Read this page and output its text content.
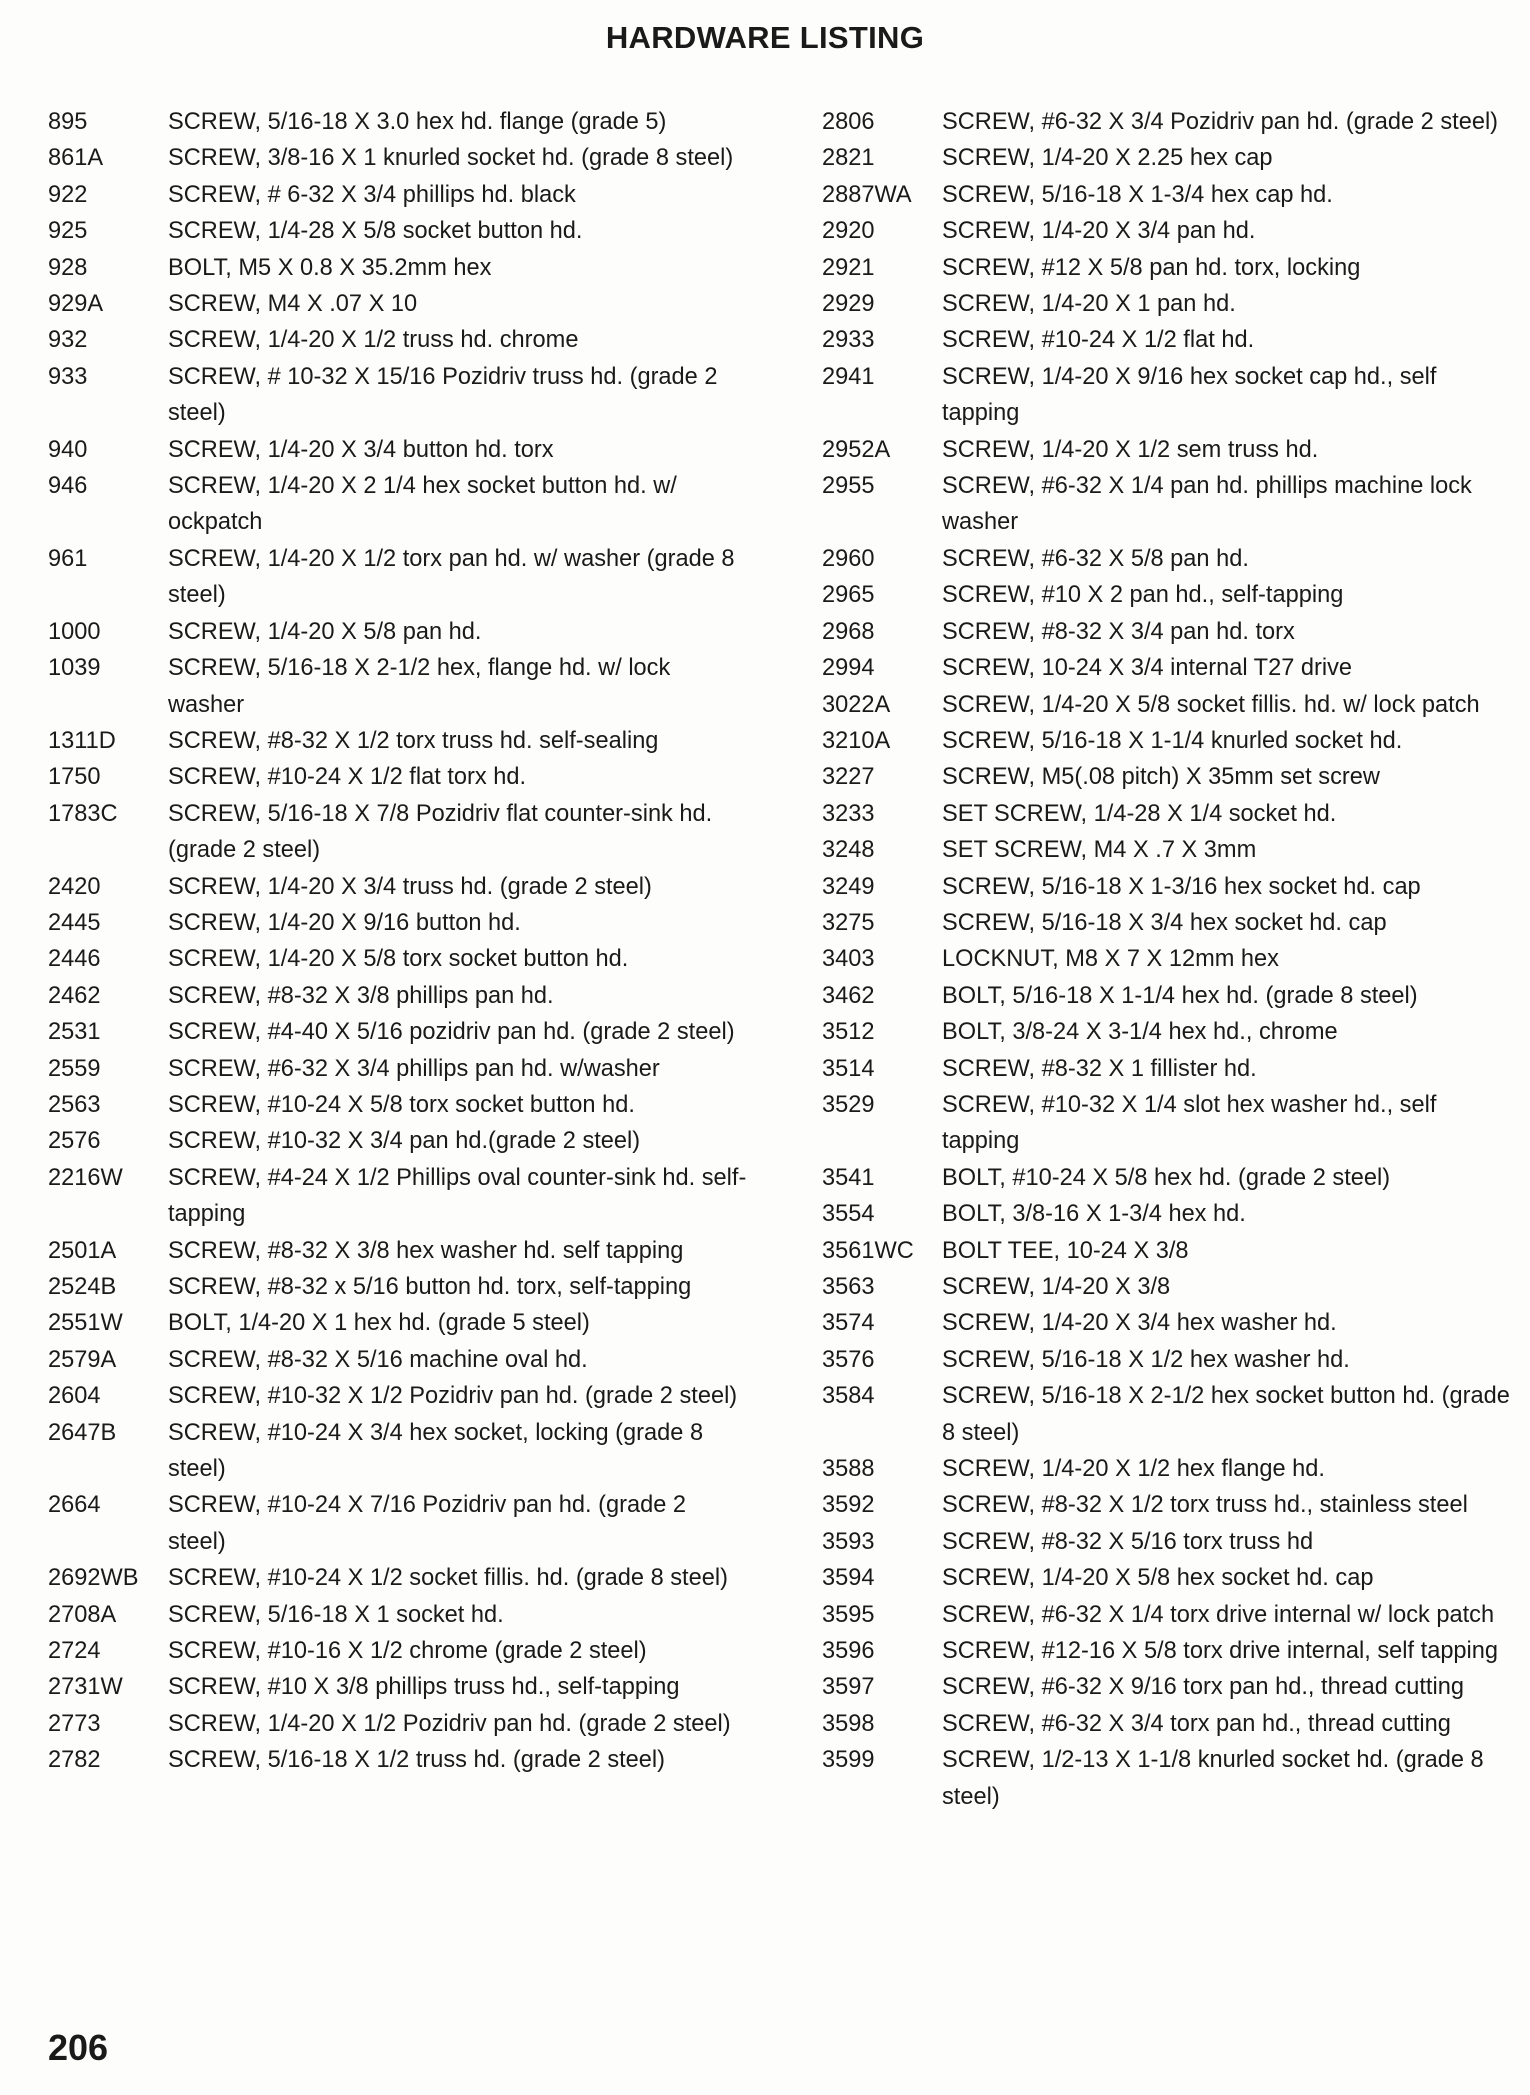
HARDWARE LISTING
895	SCREW, 5/16-18 X 3.0 hex hd. flange (grade 5)
861A	SCREW, 3/8-16 X 1 knurled socket hd. (grade 8 steel)
922	SCREW, # 6-32 X 3/4 phillips hd. black
925	SCREW, 1/4-28 X 5/8 socket button hd.
928	BOLT, M5 X 0.8 X 35.2mm hex
929A	SCREW, M4 X .07 X 10
932	SCREW, 1/4-20 X 1/2 truss hd. chrome
933	SCREW, # 10-32 X 15/16 Pozidriv truss hd. (grade 2 steel)
940	SCREW, 1/4-20 X 3/4 button hd. torx
946	SCREW, 1/4-20 X 2 1/4 hex socket button hd. w/ ockpatch
961	SCREW, 1/4-20 X 1/2 torx pan hd. w/ washer (grade 8 steel)
1000	SCREW, 1/4-20 X 5/8 pan hd.
1039	SCREW, 5/16-18 X 2-1/2 hex, flange hd. w/ lock washer
1311D	SCREW, #8-32 X 1/2 torx truss hd. self-sealing
1750	SCREW, #10-24 X 1/2 flat torx hd.
1783C	SCREW, 5/16-18 X 7/8 Pozidriv flat counter-sink hd. (grade 2 steel)
2420	SCREW, 1/4-20 X 3/4 truss hd. (grade 2 steel)
2445	SCREW, 1/4-20 X 9/16 button hd.
2446	SCREW, 1/4-20 X 5/8 torx socket button hd.
2462	SCREW, #8-32 X 3/8 phillips pan hd.
2531	SCREW, #4-40 X 5/16 pozidriv pan hd. (grade 2 steel)
2559	SCREW, #6-32 X 3/4 phillips pan hd. w/washer
2563	SCREW, #10-24 X 5/8 torx socket button hd.
2576	SCREW, #10-32 X 3/4 pan hd.(grade 2 steel)
2216W	SCREW, #4-24 X 1/2 Phillips oval counter-sink hd. self-tapping
2501A	SCREW, #8-32 X 3/8 hex washer hd. self tapping
2524B	SCREW, #8-32 x 5/16 button hd. torx, self-tapping
2551W	BOLT, 1/4-20 X 1 hex hd. (grade 5 steel)
2579A	SCREW, #8-32 X 5/16 machine oval hd.
2604	SCREW, #10-32 X 1/2 Pozidriv pan hd. (grade 2 steel)
2647B	SCREW, #10-24 X 3/4 hex socket, locking (grade 8 steel)
2664	SCREW, #10-24 X 7/16 Pozidriv pan hd. (grade 2 steel)
2692WB	SCREW, #10-24 X 1/2 socket fillis. hd. (grade 8 steel)
2708A	SCREW, 5/16-18 X 1 socket hd.
2724	SCREW, #10-16 X 1/2 chrome (grade 2 steel)
2731W	SCREW, #10 X 3/8 phillips truss hd., self-tapping
2773	SCREW, 1/4-20 X 1/2 Pozidriv pan hd. (grade 2 steel)
2782	SCREW, 5/16-18 X 1/2 truss hd. (grade 2 steel)
2806	SCREW, #6-32 X 3/4 Pozidriv pan hd. (grade 2 steel)
2821	SCREW, 1/4-20 X 2.25 hex cap
2887WA	SCREW, 5/16-18 X 1-3/4 hex cap hd.
2920	SCREW, 1/4-20 X 3/4 pan hd.
2921	SCREW, #12 X 5/8 pan hd. torx, locking
2929	SCREW, 1/4-20 X 1 pan hd.
2933	SCREW, #10-24 X 1/2 flat hd.
2941	SCREW, 1/4-20 X 9/16 hex socket cap hd., self tapping
2952A	SCREW, 1/4-20 X 1/2 sem truss hd.
2955	SCREW, #6-32 X 1/4 pan hd. phillips machine lock washer
2960	SCREW, #6-32 X 5/8 pan hd.
2965	SCREW, #10 X 2 pan hd., self-tapping
2968	SCREW, #8-32 X 3/4 pan hd. torx
2994	SCREW, 10-24 X 3/4 internal T27 drive
3022A	SCREW, 1/4-20 X 5/8 socket fillis. hd. w/ lock patch
3210A	SCREW, 5/16-18 X 1-1/4 knurled socket hd.
3227	SCREW, M5(.08 pitch) X 35mm set screw
3233	SET SCREW, 1/4-28 X 1/4 socket hd.
3248	SET SCREW, M4 X .7 X 3mm
3249	SCREW, 5/16-18 X 1-3/16 hex socket hd. cap
3275	SCREW, 5/16-18 X 3/4 hex socket hd. cap
3403	LOCKNUT, M8 X 7 X 12mm hex
3462	BOLT, 5/16-18 X 1-1/4 hex hd. (grade 8 steel)
3512	BOLT, 3/8-24 X 3-1/4 hex hd., chrome
3514	SCREW, #8-32 X 1 fillister hd.
3529	SCREW, #10-32 X 1/4 slot hex washer hd., self tapping
3541	BOLT, #10-24 X 5/8 hex hd. (grade 2 steel)
3554	BOLT, 3/8-16 X 1-3/4 hex hd.
3561WC	BOLT TEE, 10-24 X 3/8
3563	SCREW, 1/4-20 X 3/8
3574	SCREW, 1/4-20 X 3/4 hex washer hd.
3576	SCREW, 5/16-18 X 1/2 hex washer hd.
3584	SCREW, 5/16-18 X 2-1/2 hex socket button hd. (grade 8 steel)
3588	SCREW, 1/4-20 X 1/2 hex flange hd.
3592	SCREW, #8-32 X 1/2 torx truss hd., stainless steel
3593	SCREW, #8-32 X 5/16 torx truss hd
3594	SCREW, 1/4-20 X 5/8 hex socket hd. cap
3595	SCREW, #6-32 X 1/4 torx drive internal w/ lock patch
3596	SCREW, #12-16 X 5/8 torx drive internal, self tapping
3597	SCREW, #6-32 X 9/16 torx pan hd., thread cutting
3598	SCREW, #6-32 X 3/4 torx pan hd., thread cutting
3599	SCREW, 1/2-13 X 1-1/8 knurled socket hd. (grade 8 steel)
206
